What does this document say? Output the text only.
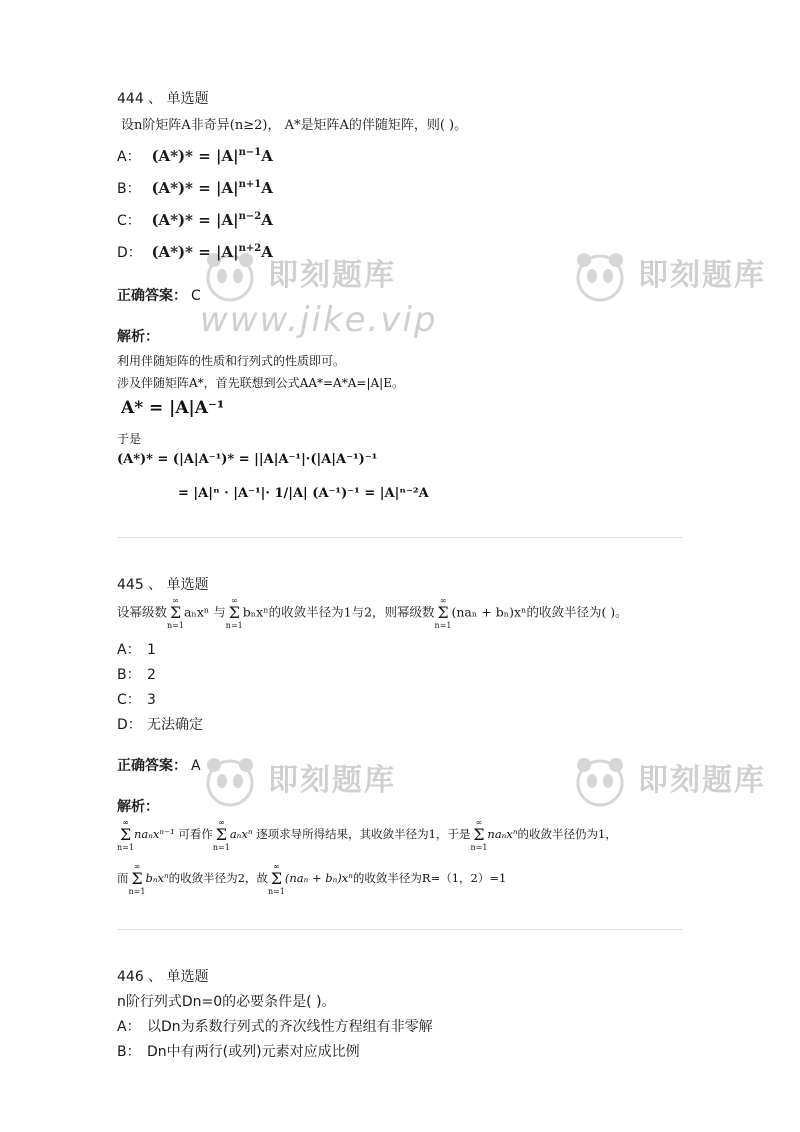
即刻题库
www.jike.vip
即刻题库
即刻题库	即刻题库
444 、 单选题
设n阶矩阵A非奇异(n≥2)， A*是矩阵A的伴随矩阵，则( )。
A： $(A*)* = |A|^{n-1}A$
B： $(A*)* = |A|^{n+1}A$
C： $(A*)* = |A|^{n-2}A$
D： $(A*)* = |A|^{n+2}A$
正确答案： C
解析：
利用伴随矩阵的性质和行列式的性质即可。
涉及伴随矩阵A*，首先联想到公式AA*=A*A=|A|E。
A* = |A|A⁻¹
于是
(A*)* = (|A|A⁻¹)* = ||A|A⁻¹|·(|A|A⁻¹)⁻¹
= |A|ⁿ · |A⁻¹|· 1/|A| (A⁻¹)⁻¹ = |A|ⁿ⁻²A
445 、 单选题
设幂级数∞
Σ
n=1aₙxⁿ 与∞
Σ
n=1bₙxⁿ的收敛半径为1与2，则幂级数∞
Σ
n=1(naₙ + bₙ)xⁿ的收敛半径为( )。
A： 1
B： 2
C： 3
D： 无法确定
正确答案： A
解析：
∞
Σ
n=1naₙxⁿ⁻¹ 可看作∞
Σ
n=1aₙxⁿ 逐项求导所得结果，其收敛半径为1，于是∞
Σ
n=1naₙxⁿ的收敛半径仍为1，
而∞
Σ
n=1bₙxⁿ的收敛半径为2，故∞
Σ
n=1(naₙ + bₙ)xⁿ的收敛半径为R=（1，2）=1
446 、 单选题
n阶行列式Dn=0的必要条件是( )。
A： 以Dn为系数行列式的齐次线性方程组有非零解
B： Dn中有两行(或列)元素对应成比例
